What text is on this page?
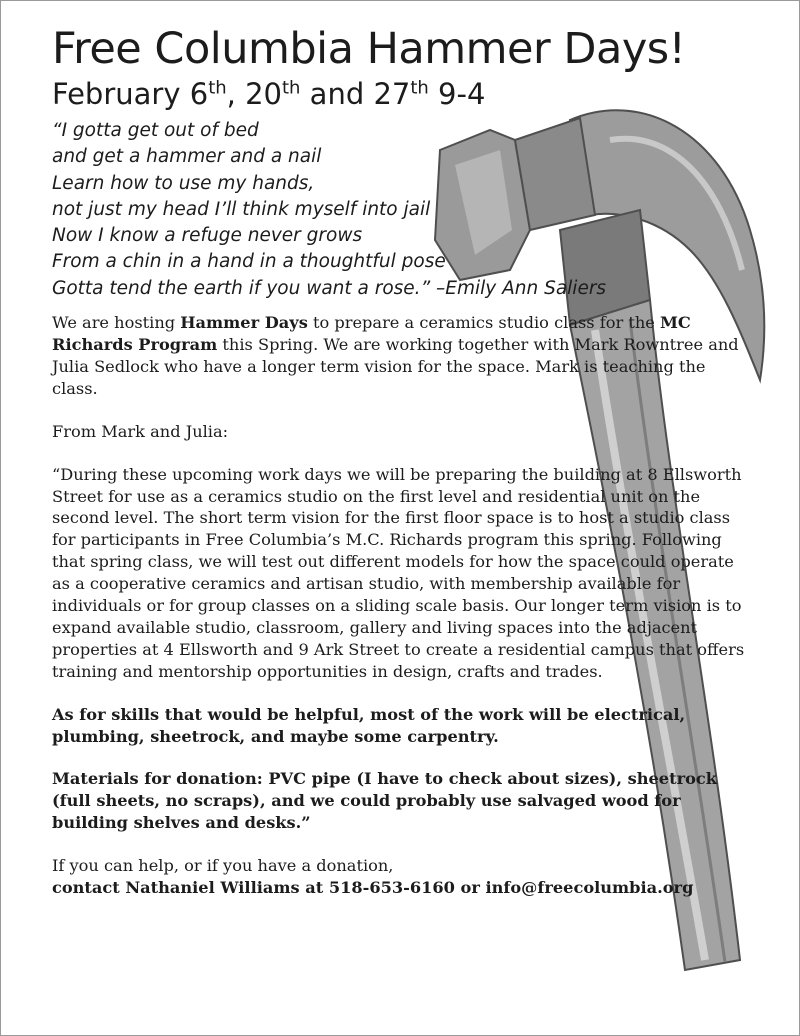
Free Columbia Hammer Days!
February 6th, 20th and 27th 9-4
“I gotta get out of bed
and get a hammer and a nail
Learn how to use my hands,
not just my head I’ll think myself into jail
Now I know a refuge never grows
From a chin in a hand in a thoughtful pose
Gotta tend the earth if you want a rose.” –Emily Ann Saliers

We are hosting Hammer Days to prepare a ceramics studio class for the MC Richards Program this Spring. We are working together with Mark Rowntree and Julia Sedlock who have a longer term vision for the space. Mark is teaching the class.

From Mark and Julia:

“During these upcoming work days we will be preparing the building at 8 Ellsworth Street for use as a ceramics studio on the first level and residential unit on the second level. The short term vision for the first floor space is to host a studio class for participants in Free Columbia’s M.C. Richards program this spring. Following that spring class, we will test out different models for how the space could operate as a cooperative ceramics and artisan studio, with membership available for individuals or for group classes on a sliding scale basis. Our longer term vision is to expand available studio, classroom, gallery and living spaces into the adjacent properties at 4 Ellsworth and 9 Ark Street to create a residential campus that offers training and mentorship opportunities in design, crafts and trades.

As for skills that would be helpful, most of the work will be electrical, plumbing, sheetrock, and maybe some carpentry.

Materials for donation: PVC pipe (I have to check about sizes), sheetrock (full sheets, no scraps), and we could probably use salvaged wood for building shelves and desks.”

If you can help, or if you have a donation,
contact Nathaniel Williams at 518-653-6160 or info@freecolumbia.org
